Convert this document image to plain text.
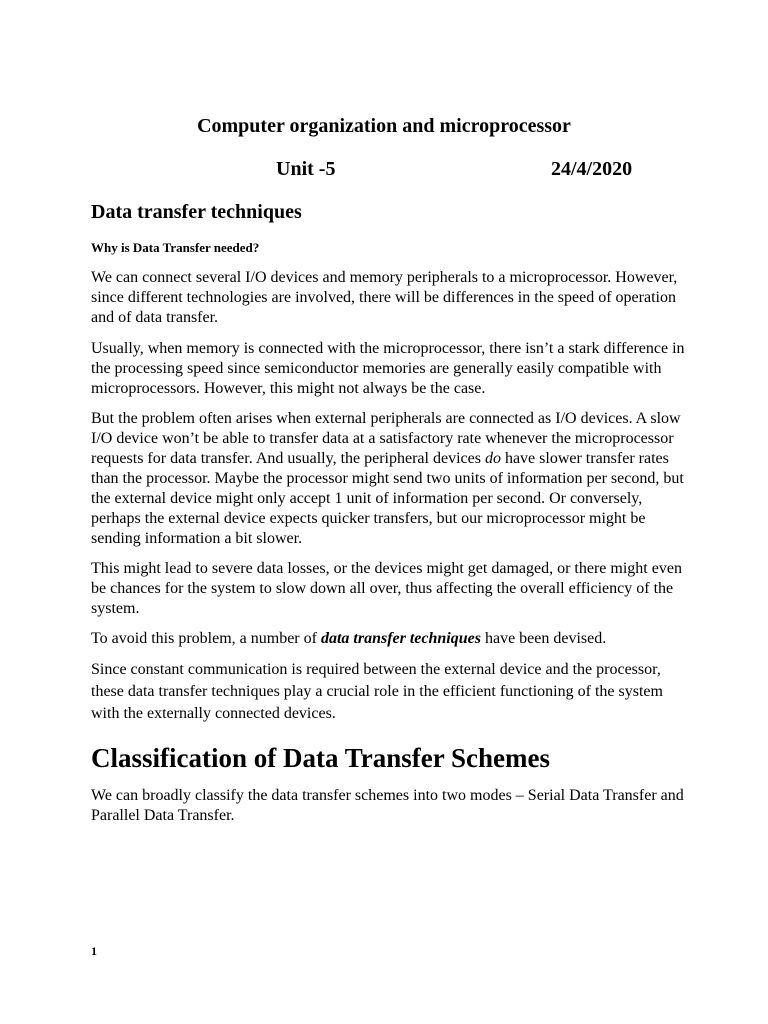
Computer organization and microprocessor
Unit -5	24/4/2020
Data transfer techniques
Why is Data Transfer needed?

We can connect several I/O devices and memory peripherals to a microprocessor. However, since different technologies are involved, there will be differences in the speed of operation and of data transfer.

Usually, when memory is connected with the microprocessor, there isn’t a stark difference in the processing speed since semiconductor memories are generally easily compatible with microprocessors. However, this might not always be the case.

But the problem often arises when external peripherals are connected as I/O devices. A slow I/O device won’t be able to transfer data at a satisfactory rate whenever the microprocessor requests for data transfer. And usually, the peripheral devices do have slower transfer rates than the processor. Maybe the processor might send two units of information per second, but the external device might only accept 1 unit of information per second. Or conversely, perhaps the external device expects quicker transfers, but our microprocessor might be sending information a bit slower.

This might lead to severe data losses, or the devices might get damaged, or there might even be chances for the system to slow down all over, thus affecting the overall efficiency of the system.

To avoid this problem, a number of data transfer techniques have been devised.

Since constant communication is required between the external device and the processor, these data transfer techniques play a crucial role in the efficient functioning of the system with the externally connected devices.

Classification of Data Transfer Schemes

We can broadly classify the data transfer schemes into two modes – Serial Data Transfer and Parallel Data Transfer.

1
